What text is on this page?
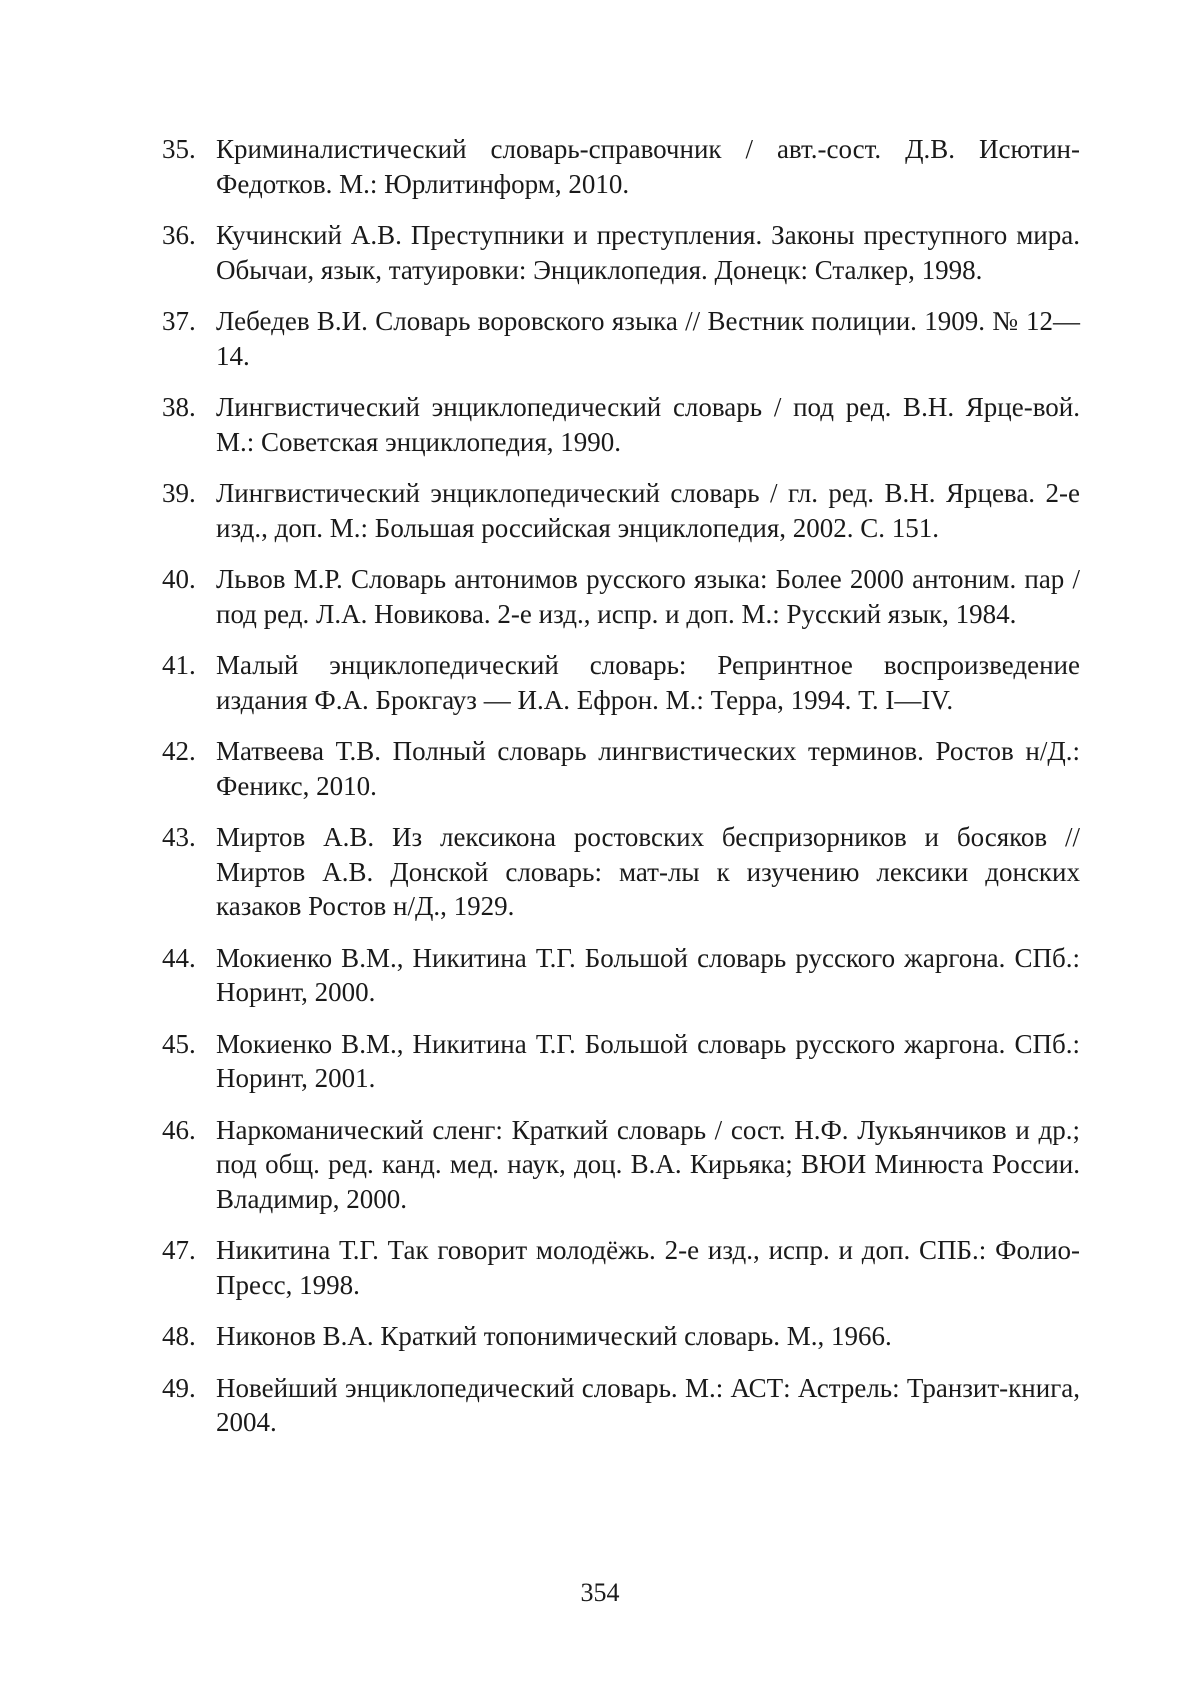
35. Криминалистический словарь-справочник / авт.-сост. Д.В. Исютин-Федотков. М.: Юрлитинформ, 2010.
36. Кучинский А.В. Преступники и преступления. Законы преступного мира. Обычаи, язык, татуировки: Энциклопедия. Донецк: Сталкер, 1998.
37. Лебедев В.И. Словарь воровского языка // Вестник полиции. 1909. № 12—14.
38. Лингвистический энциклопедический словарь / под ред. В.Н. Ярце-вой. М.: Советская энциклопедия, 1990.
39. Лингвистический энциклопедический словарь / гл. ред. В.Н. Ярцева. 2-е изд., доп. М.: Большая российская энциклопедия, 2002. С. 151.
40. Львов М.Р. Словарь антонимов русского языка: Более 2000 антоним. пар / под ред. Л.А. Новикова. 2-е изд., испр. и доп. М.: Русский язык, 1984.
41. Малый энциклопедический словарь: Репринтное воспроизведение издания Ф.А. Брокгауз — И.А. Ефрон. М.: Терра, 1994. Т. I—IV.
42. Матвеева Т.В. Полный словарь лингвистических терминов. Ростов н/Д.: Феникс, 2010.
43. Миртов А.В. Из лексикона ростовских беспризорников и босяков // Миртов А.В. Донской словарь: мат-лы к изучению лексики донских казаков Ростов н/Д., 1929.
44. Мокиенко В.М., Никитина Т.Г. Большой словарь русского жаргона. СПб.: Норинт, 2000.
45. Мокиенко В.М., Никитина Т.Г. Большой словарь русского жаргона. СПб.: Норинт, 2001.
46. Наркоманический сленг: Краткий словарь / сост. Н.Ф. Лукьянчиков и др.; под общ. ред. канд. мед. наук, доц. В.А. Кирьяка; ВЮИ Минюста России. Владимир, 2000.
47. Никитина Т.Г. Так говорит молодёжь. 2-е изд., испр. и доп. СПБ.: Фолио-Пресс, 1998.
48. Никонов В.А. Краткий топонимический словарь. М., 1966.
49. Новейший энциклопедический словарь. М.: АСТ: Астрель: Транзит-книга, 2004.
354
